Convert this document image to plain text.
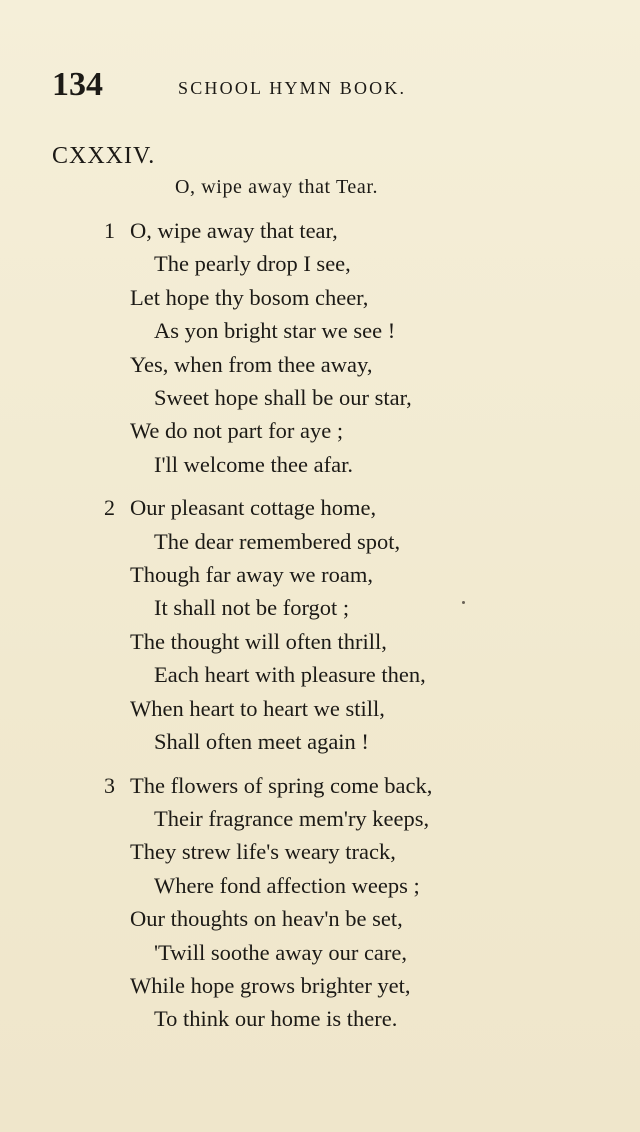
134	SCHOOL HYMN BOOK.
CXXXIV.
O, wipe away that Tear.
1 O, wipe away that tear,
The pearly drop I see,
Let hope thy bosom cheer,
As yon bright star we see !
Yes, when from thee away,
Sweet hope shall be our star,
We do not part for aye ;
I'll welcome thee afar.
2 Our pleasant cottage home,
The dear remembered spot,
Though far away we roam,
It shall not be forgot ;
The thought will often thrill,
Each heart with pleasure then,
When heart to heart we still,
Shall often meet again !
3 The flowers of spring come back,
Their fragrance mem'ry keeps,
They strew life's weary track,
Where fond affection weeps ;
Our thoughts on heav'n be set,
'Twill soothe away our care,
While hope grows brighter yet,
To think our home is there.
